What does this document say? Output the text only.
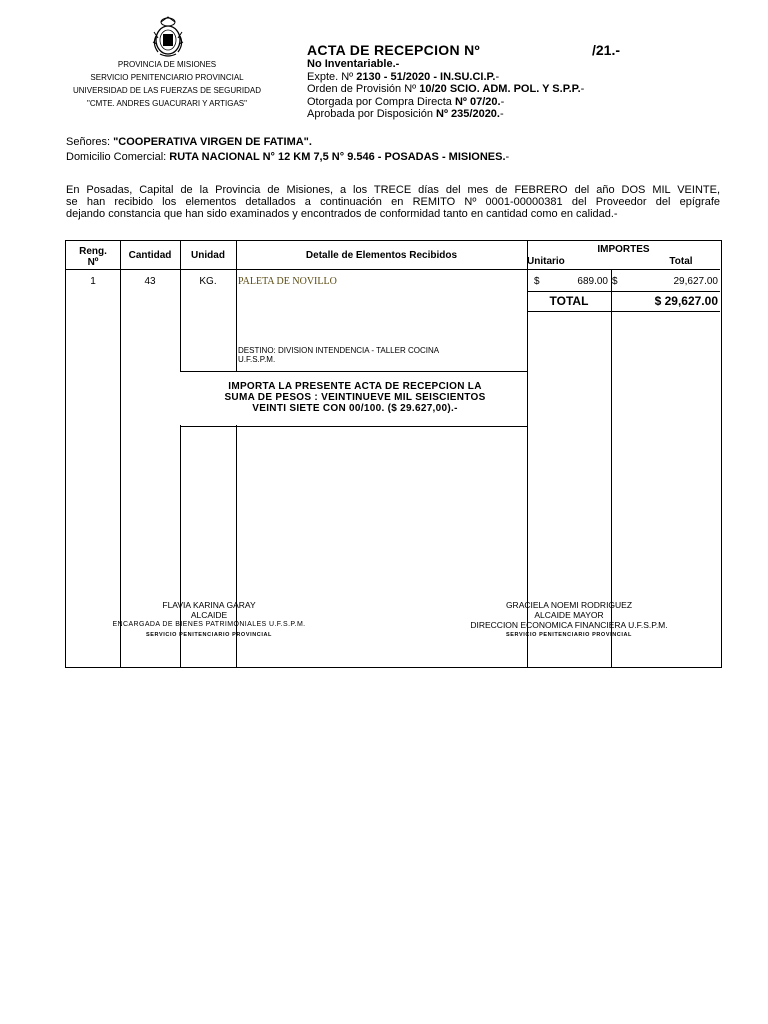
PROVINCIA DE MISIONES
SERVICIO PENITENCIARIO PROVINCIAL
UNIVERSIDAD DE LAS FUERZAS DE SEGURIDAD
"CMTE. ANDRES GUACURARI Y ARTIGAS"
ACTA DE RECEPCION Nº	/21.-
No Inventariable.-
Expte. Nº 2130 - 51/2020 - IN.SU.CI.P.-
Orden de Provisión Nº 10/20 SCIO. ADM. POL. Y S.P.P.-
Otorgada por Compra Directa Nº 07/20.-
Aprobada por Disposición Nº 235/2020.-
Señores: "COOPERATIVA VIRGEN DE FATIMA".
Domicilio Comercial: RUTA NACIONAL N° 12 KM 7,5 N° 9.546 - POSADAS - MISIONES.-
En Posadas, Capital de la Provincia de Misiones, a los TRECE días del mes de FEBRERO del año DOS MIL VEINTE,
se han recibido los elementos detallados a continuación en REMITO Nº 0001-00000381 del Proveedor del epígrafe
dejando constancia que han sido examinados y encontrados de conformidad tanto en cantidad como en calidad.-
Reng.
Nº
Cantidad	Unidad	Detalle de Elementos Recibidos
IMPORTES
Unitario	Total
1	43	KG.	PALETA DE NOVILLO	$	689.00 $	29,627.00
TOTAL	$ 29,627.00
DESTINO: DIVISION INTENDENCIA - TALLER COCINA
U.F.S.P.M.
IMPORTA LA PRESENTE ACTA DE RECEPCION LA
SUMA DE PESOS : VEINTINUEVE MIL SEISCIENTOS
VEINTI SIETE CON 00/100. ($ 29.627,00).-
FLAVIA KARINA GARAY
ALCAIDE
ENCARGADA DE BIENES PATRIMONIALES U.F.S.P.M.
SERVICIO PENITENCIARIO PROVINCIAL
GRACIELA NOEMI RODRIGUEZ
ALCAIDE MAYOR
DIRECCION ECONOMICA FINANCIERA U.F.S.P.M.
SERVICIO PENITENCIARIO PROVINCIAL
